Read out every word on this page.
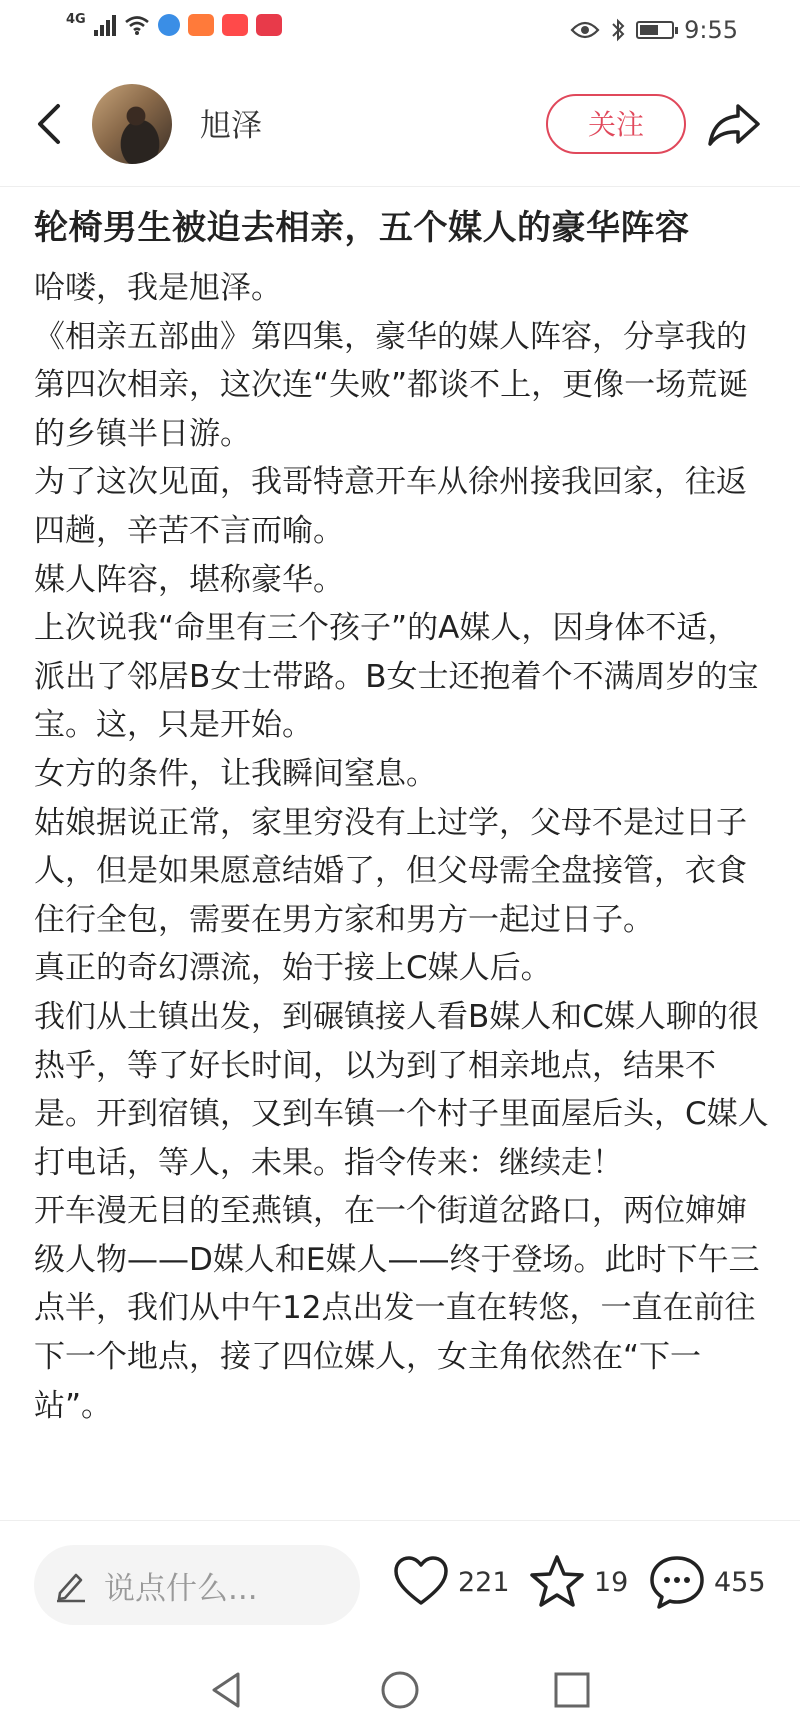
4G	9:55
旭泽	关注
轮椅男生被迫去相亲，五个媒人的豪华阵容

哈喽，我是旭泽。

《相亲五部曲》第四集，豪华的媒人阵容，分享我的第四次相亲，这次连“失败”都谈不上，更像一场荒诞的乡镇半日游。

为了这次见面，我哥特意开车从徐州接我回家，往返四趟，辛苦不言而喻。

媒人阵容，堪称豪华。

上次说我“命里有三个孩子”的A媒人，因身体不适，派出了邻居B女士带路。B女士还抱着个不满周岁的宝宝。这，只是开始。

女方的条件，让我瞬间窒息。

姑娘据说正常，家里穷没有上过学，父母不是过日子人，但是如果愿意结婚了，但父母需全盘接管，衣食住行全包，需要在男方家和男方一起过日子。

真正的奇幻漂流，始于接上C媒人后。

我们从土镇出发，到碾镇接人看B媒人和C媒人聊的很热乎，等了好长时间，以为到了相亲地点，结果不是。开到宿镇，又到车镇一个村子里面屋后头，C媒人打电话，等人，未果。指令传来：继续走！

开车漫无目的至燕镇，在一个街道岔路口，两位婶婶级人物——D媒人和E媒人——终于登场。此时下午三点半，我们从中午12点出发一直在转悠，一直在前往下一个地点，接了四位媒人，女主角依然在“下一站”。

说点什么...	221	19	455
